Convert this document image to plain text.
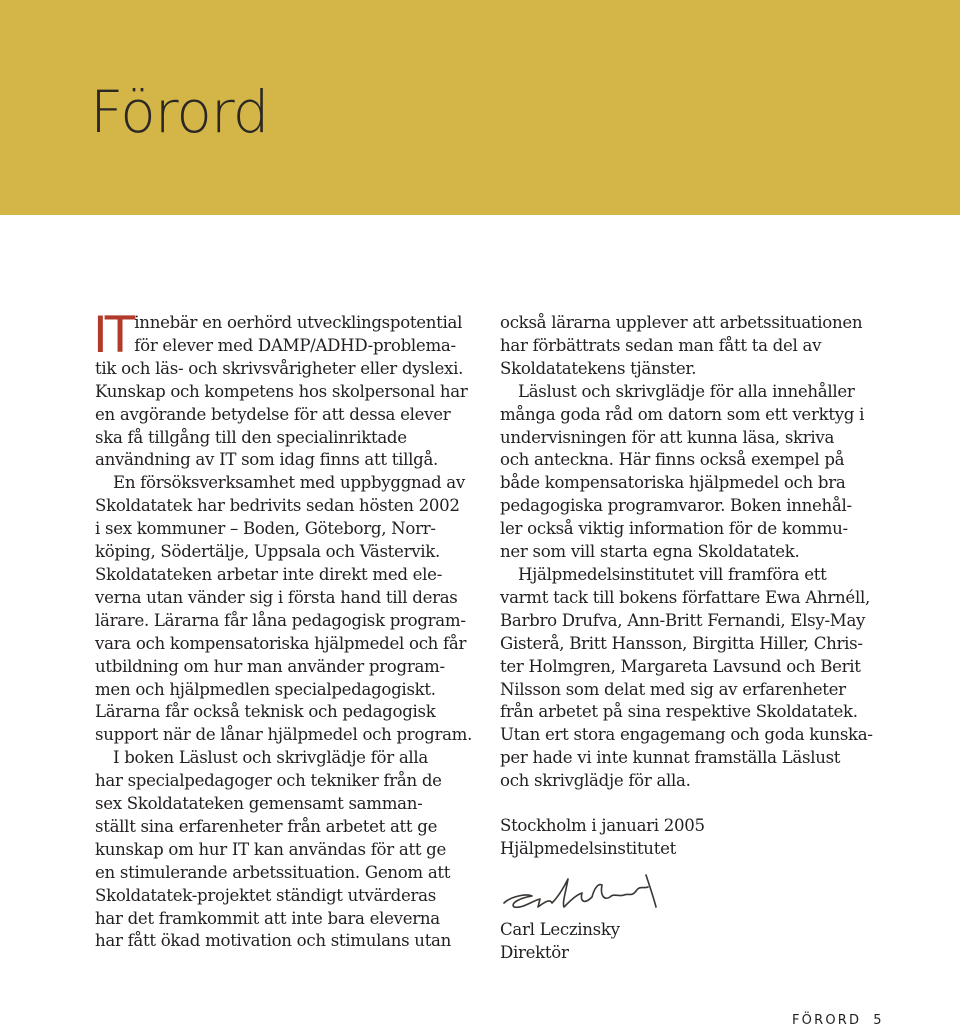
Förord

IT innebär en oerhörd utvecklingspotential
för elever med DAMP/ADHD-problema-
tik och läs- och skrivsvårigheter eller dyslexi.
Kunskap och kompetens hos skolpersonal har
en avgörande betydelse för att dessa elever
ska få tillgång till den specialinriktade
användning av IT som idag finns att tillgå.

En försöksverksamhet med uppbyggnad av
Skoldatatek har bedrivits sedan hösten 2002
i sex kommuner – Boden, Göteborg, Norr-
köping, Södertälje, Uppsala och Västervik.
Skoldatateken arbetar inte direkt med ele-
verna utan vänder sig i första hand till deras
lärare. Lärarna får låna pedagogisk program-
vara och kompensatoriska hjälpmedel och får
utbildning om hur man använder program-
men och hjälpmedlen specialpedagogiskt.
Lärarna får också teknisk och pedagogisk
support när de lånar hjälpmedel och program.

I boken Läslust och skrivglädje för alla
har specialpedagoger och tekniker från de
sex Skoldatateken gemensamt samman-
ställt sina erfarenheter från arbetet att ge
kunskap om hur IT kan användas för att ge
en stimulerande arbetssituation. Genom att
Skoldatatek-projektet ständigt utvärderas
har det framkommit att inte bara eleverna
har fått ökad motivation och stimulans utan

också lärarna upplever att arbetssituationen
har förbättrats sedan man fått ta del av
Skoldatatekens tjänster.

Läslust och skrivglädje för alla innehåller
många goda råd om datorn som ett verktyg i
undervisningen för att kunna läsa, skriva
och anteckna. Här finns också exempel på
både kompensatoriska hjälpmedel och bra
pedagogiska programvaror. Boken innehål-
ler också viktig information för de kommu-
ner som vill starta egna Skoldatatek.

Hjälpmedelsinstitutet vill framföra ett
varmt tack till bokens författare Ewa Ahrnéll,
Barbro Drufva, Ann-Britt Fernandi, Elsy-May
Gisterå, Britt Hansson, Birgitta Hiller, Chris-
ter Holmgren, Margareta Lavsund och Berit
Nilsson som delat med sig av erfarenheter
från arbetet på sina respektive Skoldatatek.
Utan ert stora engagemang och goda kunska-
per hade vi inte kunnat framställa Läslust
och skrivglädje för alla.

Stockholm i januari 2005

Hjälpmedelsinstitutet

Carl Leczinsky

Direktör

FÖRORD 5
